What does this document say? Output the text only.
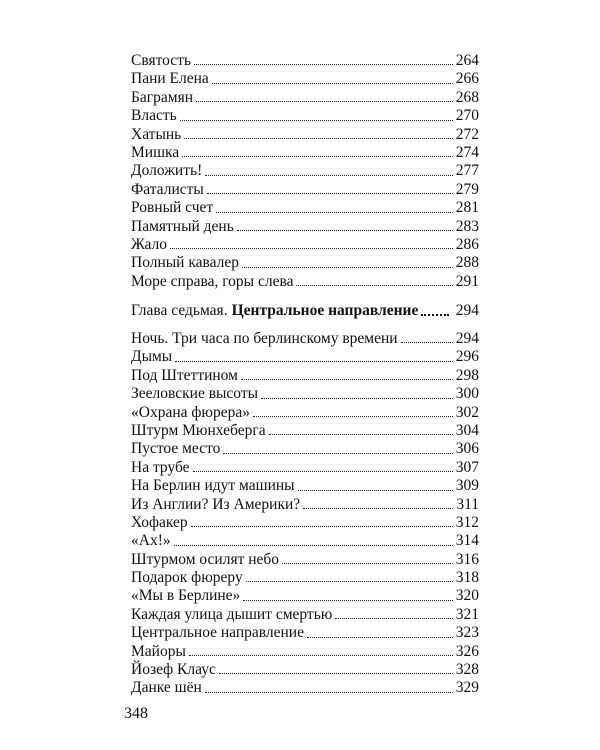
Святость	264
Пани Елена	266
Баграмян	268
Власть	270
Хатынь	272
Мишка	274
Доложить!	277
Фаталисты	279
Ровный счет	281
Памятный день	283
Жало	286
Полный кавалер	288
Море справа, горы слева	291
Глава седьмая. Центральное направление 294
Ночь. Три часа по берлинскому времени	294
Дымы	296
Под Штеттином	298
Зееловские высоты	300
«Охрана фюрера»	302
Штурм Мюнхеберга	304
Пустое место	306
На трубе	307
На Берлин идут машины	309
Из Англии? Из Америки?	311
Хофакер	312
«Ах!»	314
Штурмом осилят небо	316
Подарок фюреру	318
«Мы в Берлине»	320
Каждая улица дышит смертью	321
Центральное направление	323
Майоры	326
Йозеф Клаус	328
Данке шён	329
348
